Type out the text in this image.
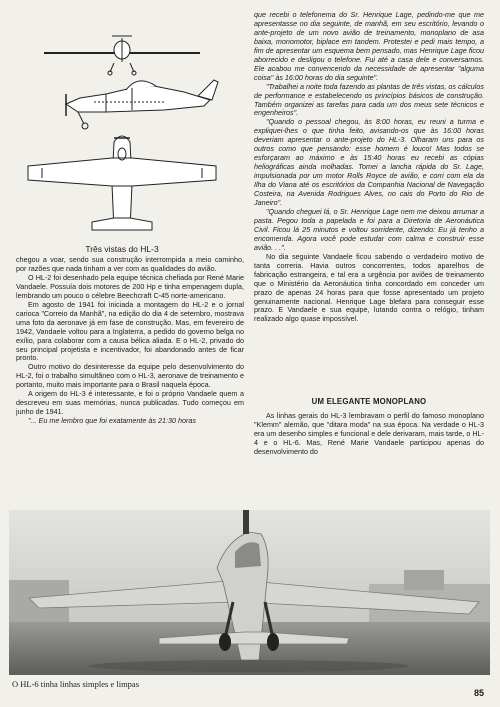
Três vistas do HL-3

chegou a voar, sendo sua construção interrompida a meio caminho, por razões que nada tinham a ver com as qualidades do avião.

O HL-2 foi desenhado pela equipe técnica chefiada por René Marie Vandaele. Possuía dois motores de 200 Hp e tinha empenagem dupla, lembrando um pouco o célebre Beechcraft C-45 norte-americano.

Em agosto de 1941 foi iniciada a montagem do HL-2 e o jornal carioca "Correio da Manhã", na edição do dia 4 de setembro, mostrava uma foto da aeronave já em fase de construção. Mas, em fevereiro de 1942, Vandaele voltou para a Inglaterra, a pedido do governo belga no exílio, para colaborar com a causa bélica aliada. E o HL-2, privado do seu principal projetista e incentivador, foi abandonado antes de ficar pronto.

Outro motivo do desinteresse da equipe pelo desenvolvimento do HL-2, foi o trabalho simultâneo com o HL-3, aeronave de treinamento e portanto, muito mais importante para o Brasil naquela época.

A origem do HL-3 é interessante, e foi o próprio Vandaele quem a descreveu em suas memórias, nunca publicadas. Tudo começou em junho de 1941.

"... Eu me lembro que foi exatamente às 21:30 horas

que recebi o telefonema do Sr. Henrique Lage, pedindo-me que me apresentasse no dia seguinte, de manhã, em seu escritório, levando o ante-projeto de um novo avião de treinamento, monoplano de asa baixa, monomotor, biplace em tandem. Protestei e pedi mais tempo, a fim de apresentar um esquema bem pensado, mas Henrique Lage ficou aborrecido e desligou o telefone. Fui até a casa dele e conversamos. Ele acabou me convencendo da necessidade de apresentar "alguma coisa" às 16:00 horas do dia seguinte".

"Trabalhei a noite toda fazendo as plantas de três vistas, os cálculos de performance e estabelecendo os princípios básicos de construção. Também organizei as tarefas para cada um dos meus sete técnicos e engenheiros".

"Quando o pessoal chegou, às 8:00 horas, eu reuni a turma e expliquei-lhes o que tinha feito, avisando-os que às 16:00 horas deveriam apresentar o ante-projeto do HL-3. Olharam uns para os outros como que pensando: esse homem é louco! Mas todos se esforçaram ao máximo e às 15:40 horas eu recebi as cópias heliográficas ainda molhadas. Tomei a lancha rápida do Sr. Lage, impulsionada por um motor Rolls Royce de avião, e corri com ela da Ilha do Viana até os escritórios da Companhia Nacional de Navegação Costeira, na Avenida Rodrigues Alves, no cais do Porto do Rio de Janeiro".

"Quando cheguei lá, o Sr. Henrique Lage nem me deixou arrumar a pasta. Pegou toda a papelada e foi para a Diretoria de Aeronáutica Civil. Ficou lá 25 minutos e voltou sorridente, dizendo: Eu já tenho a encomenda. Agora você pode estudar com calma e construir esse avião. . .".

No dia seguinte Vandaele ficou sabendo o verdadeiro motivo de tanta correria. Havia outros concorrentes, todos aparelhos de fabricação estrangeira, e tal era a urgência por aviões de treinamento que o Ministério da Aeronáutica tinha concordado em conceder um prazo de apenas 24 horas para que fosse apresentado um projeto genuinamente nacional. Henrique Lage blefara para conseguir esse prazo. E Vandaele e sua equipe, lutando contra o relógio, tinham realizado algo quase impossível.

UM ELEGANTE MONOPLANO

As linhas gerais do HL-3 lembravam o perfil do famoso monoplano "Klemm" alemão, que "ditara moda" na sua época. Na verdade o HL-3 era um desenho simples e funcional e dele derivaram, mais tarde, o HL-4 e o HL-6. Mas, René Marie Vandaele participou apenas do desenvolvimento do

O HL-6 tinha linhas simples e limpas
85
